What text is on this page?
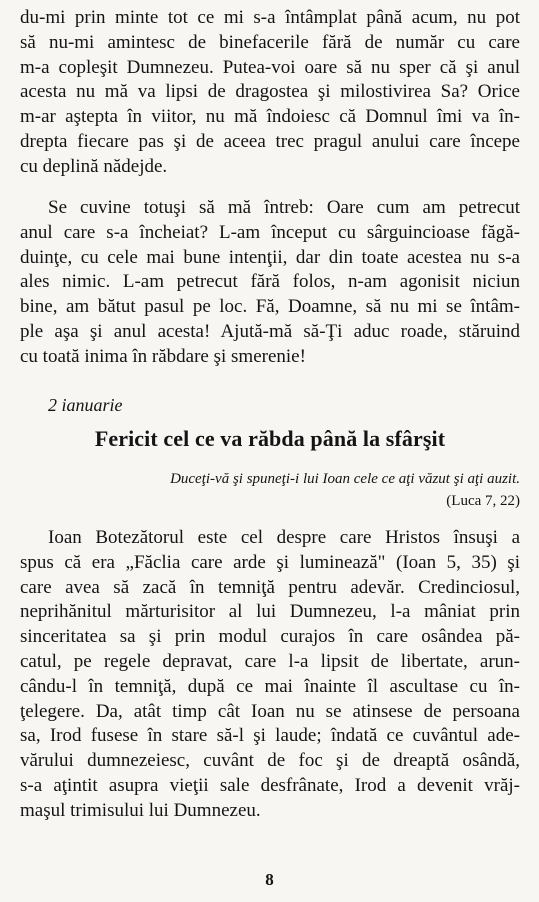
du-mi prin minte tot ce mi s-a întâmplat până acum, nu pot
să nu-mi amintesc de binefacerile fără de număr cu care
m-a copleşit Dumnezeu. Putea-voi oare să nu sper că şi anul
acesta nu mă va lipsi de dragostea şi milostivirea Sa? Orice
m-ar aştepta în viitor, nu mă îndoiesc că Domnul îmi va în-
drepta fiecare pas şi de aceea trec pragul anului care începe
cu deplină nădejde.

Se cuvine totuşi să mă întreb: Oare cum am petrecut
anul care s-a încheiat? L-am început cu sârguincioase făgă-
duinţe, cu cele mai bune intenţii, dar din toate acestea nu s-a
ales nimic. L-am petrecut fără folos, n-am agonisit niciun
bine, am bătut pasul pe loc. Fă, Doamne, să nu mi se întâm-
ple aşa şi anul acesta! Ajută-mă să-Ţi aduc roade, stăruind
cu toată inima în răbdare şi smerenie!

2 ianuarie

Fericit cel ce va răbda până la sfârşit

Duceţi-vă şi spuneţi-i lui Ioan cele ce aţi văzut şi aţi auzit.

(Luca 7, 22)

Ioan Botezătorul este cel despre care Hristos însuşi a
spus că era „Făclia care arde şi luminează" (Ioan 5, 35) şi
care avea să zacă în temniţă pentru adevăr. Credinciosul,
neprihănitul mărturisitor al lui Dumnezeu, l-a mâniat prin
sinceritatea sa şi prin modul curajos în care osândea pă-
catul, pe regele depravat, care l-a lipsit de libertate, arun-
cându-l în temniţă, după ce mai înainte îl ascultase cu în-
ţelegere. Da, atât timp cât Ioan nu se atinsese de persoana
sa, Irod fusese în stare să-l şi laude; îndată ce cuvântul ade-
vărului dumnezeiesc, cuvânt de foc şi de dreaptă osândă,
s-a aţintit asupra vieţii sale desfrânate, Irod a devenit vrăj-
maşul trimisului lui Dumnezeu.

8
